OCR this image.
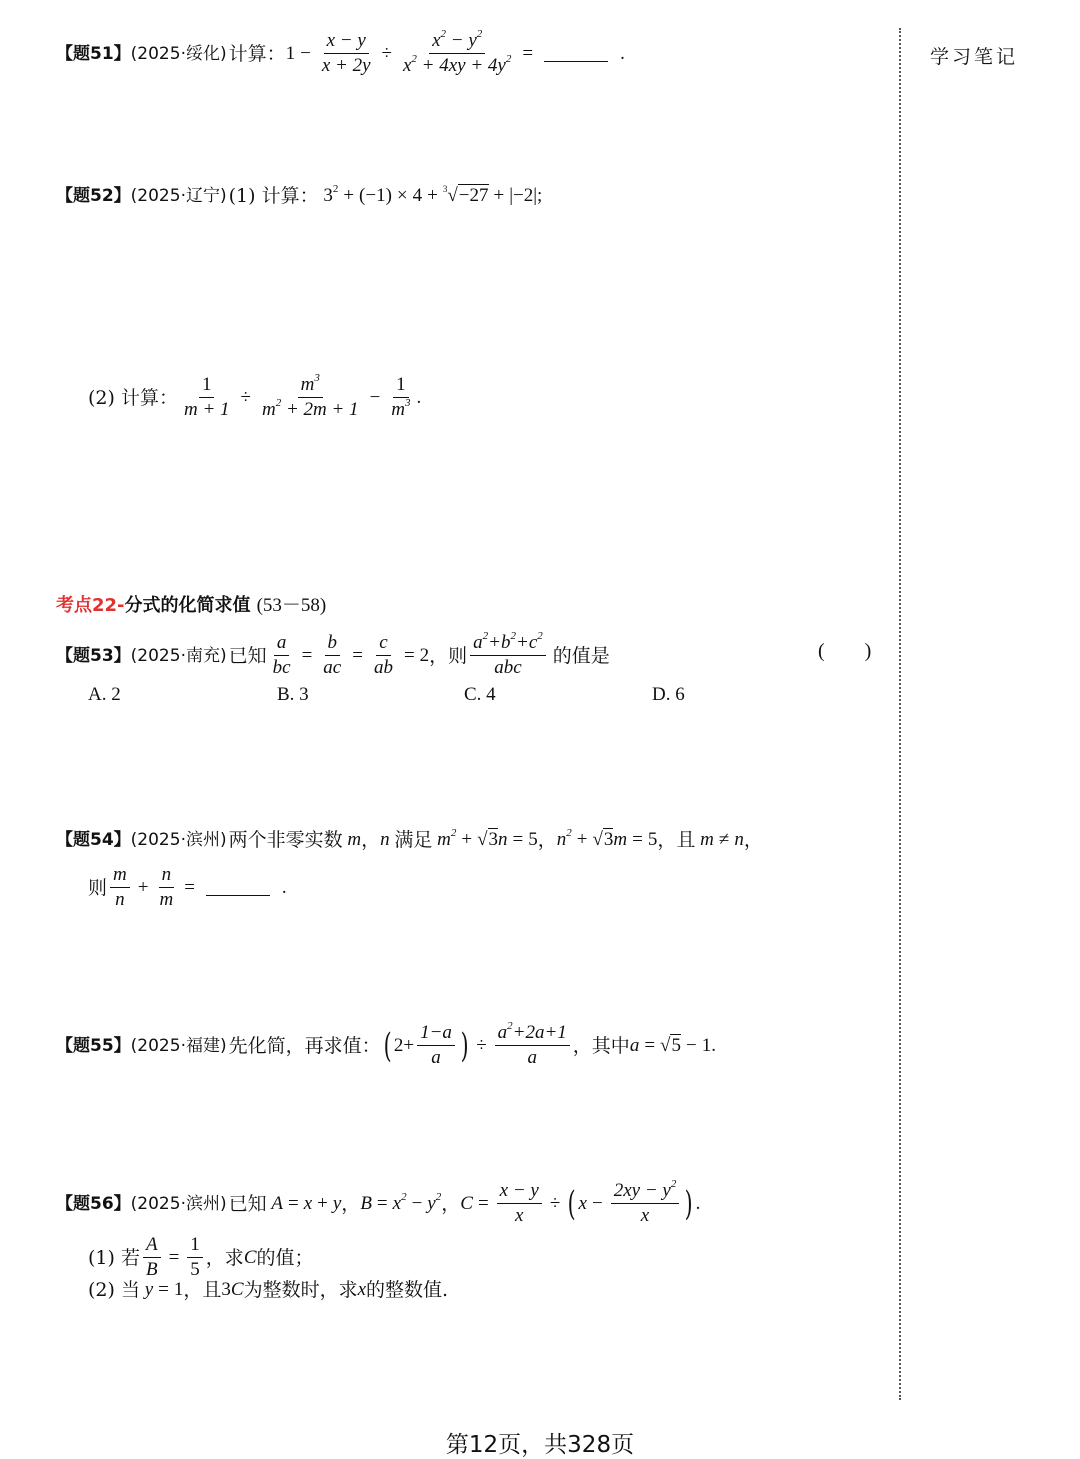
【题51】 (2025·绥化) 计算： $1 - \frac{x - y}{x + 2y} \div \frac{x^2 - y^2}{x^2 + 4xy + 4y^2}$ =	.
【题52】 (2025·辽宁) (1) 计算： $3^2 + (-1) \times 4 + ^3√-27 + |-2|$;
(2) 计算： $\frac{1}{m + 1} \div \frac{m^3}{m^2 + 2m + 1} - \frac{1}{m^3}$ .
考点22-分式的化简求值 (53－58)
【题53】 (2025·南充) 已知 $\frac{a}{bc} = \frac{b}{ac} = \frac{c}{ab} = 2$ ，则 $\frac{a^2+b^2+c^2}{\text{abc}}$ 的值是	(　　)
A. 2	B. 3	C. 4	D. 6
【题54】 (2025·滨州) 两个非零实数 m ， n 满足 $m^2 + √3$ n = 5 ， $n^2 + √3$ m = 5 ， 且 m ≠ n ，
则 $\frac{m}{n} + \frac{n}{m}$ =	.
【题55】 (2025·福建) 先化简，再求值： ( $2+ \frac{1-a}{a}$ ) ÷ $\frac{a^2+2a+1}{a}$ ，其中 a = √5 − 1.
【题56】 (2025·滨州) 已知 A = x + y ， $B = x^2 - y^2$ ， $C = \frac{x - y}{x}$ ÷ ( $x - \frac{2xy - y^2}{x}$ ) .
(1) 若 $\frac{A}{B} = \frac{1}{5}$ ，求 C 的值；
(2) 当 y = 1 ，且 3 C 为整数时，求 x 的整数值.
学习笔记
第12页，共328页
